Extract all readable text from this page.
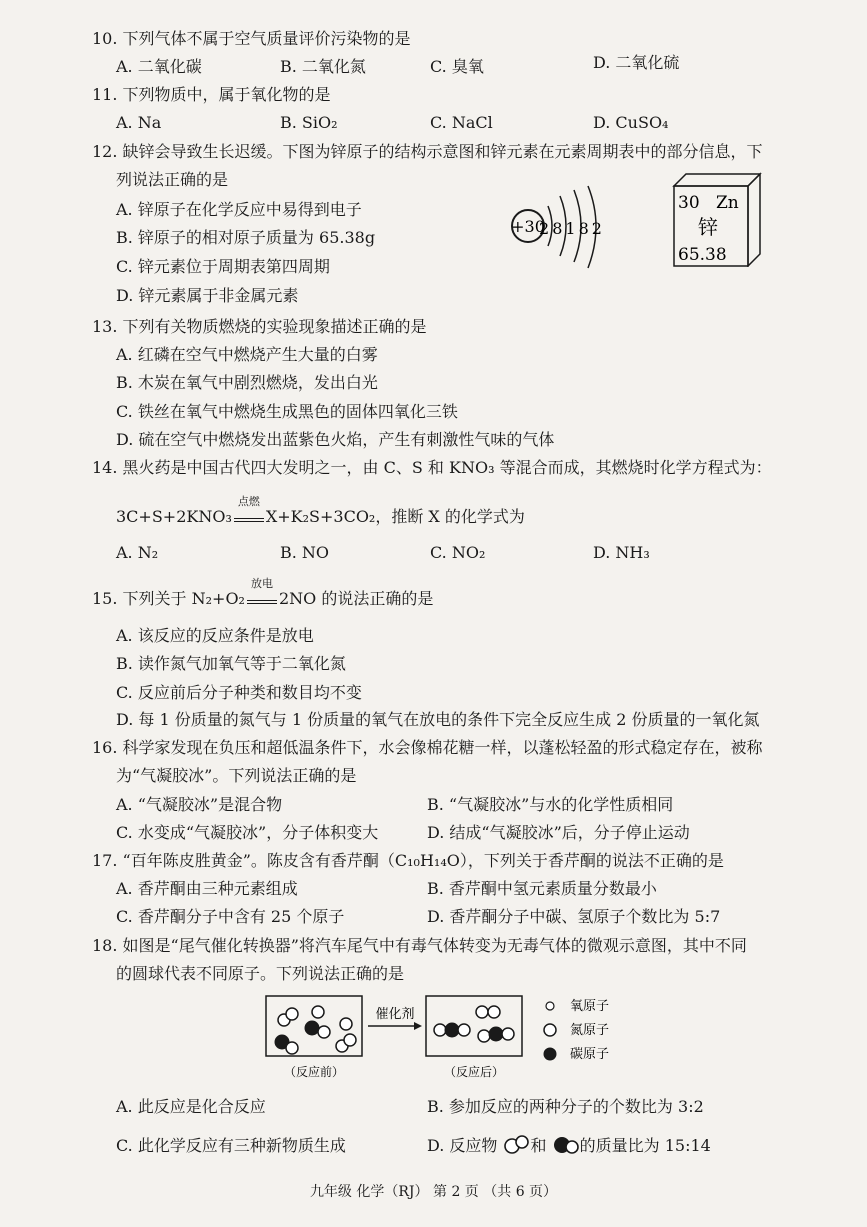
10. 下列气体不属于空气质量评价污染物的是
A. 二氧化碳	B. 二氧化氮	C. 臭氧	D. 二氧化硫
11. 下列物质中，属于氧化物的是
A. Na	B. SiO₂	C. NaCl	D. CuSO₄
12. 缺锌会导致生长迟缓。下图为锌原子的结构示意图和锌元素在元素周期表中的部分信息，下
列说法正确的是
A. 锌原子在化学反应中易得到电子
B. 锌原子的相对原子质量为 65.38g
C. 锌元素位于周期表第四周期
D. 锌元素属于非金属元素
+30
28182
30 Zn
锌
65.38
13. 下列有关物质燃烧的实验现象描述正确的是
A. 红磷在空气中燃烧产生大量的白雾
B. 木炭在氧气中剧烈燃烧，发出白光
C. 铁丝在氧气中燃烧生成黑色的固体四氧化三铁
D. 硫在空气中燃烧发出蓝紫色火焰，产生有刺激性气味的气体
14. 黑火药是中国古代四大发明之一，由 C、S 和 KNO₃ 等混合而成，其燃烧时化学方程式为：
3C+S+2KNO₃
点燃
X+K₂S+3CO₂，推断 X 的化学式为
A. N₂	B. NO	C. NO₂	D. NH₃
15. 下列关于 N₂+O₂
放电
2NO 的说法正确的是
A. 该反应的反应条件是放电
B. 读作氮气加氧气等于二氧化氮
C. 反应前后分子种类和数目均不变
D. 每 1 份质量的氮气与 1 份质量的氧气在放电的条件下完全反应生成 2 份质量的一氧化氮
16. 科学家发现在负压和超低温条件下，水会像棉花糖一样，以蓬松轻盈的形式稳定存在，被称
为“气凝胶冰”。下列说法正确的是
A. “气凝胶冰”是混合物	B. “气凝胶冰”与水的化学性质相同
C. 水变成“气凝胶冰”，分子体积变大	D. 结成“气凝胶冰”后，分子停止运动
17. “百年陈皮胜黄金”。陈皮含有香芹酮（C₁₀H₁₄O），下列关于香芹酮的说法不正确的是
A. 香芹酮由三种元素组成	B. 香芹酮中氢元素质量分数最小
C. 香芹酮分子中含有 25 个原子	D. 香芹酮分子中碳、氢原子个数比为 5:7
18. 如图是“尾气催化转换器”将汽车尾气中有毒气体转变为无毒气体的微观示意图，其中不同
的圆球代表不同原子。下列说法正确的是
催化剂
氧原子
氮原子
碳原子
（反应前）	（反应后）
A. 此反应是化合反应	B. 参加反应的两种分子的个数比为 3:2
C. 此化学反应有三种新物质生成	D. 反应物 和 的质量比为 15:14
九年级 化学（RJ） 第 2 页 （共 6 页）
